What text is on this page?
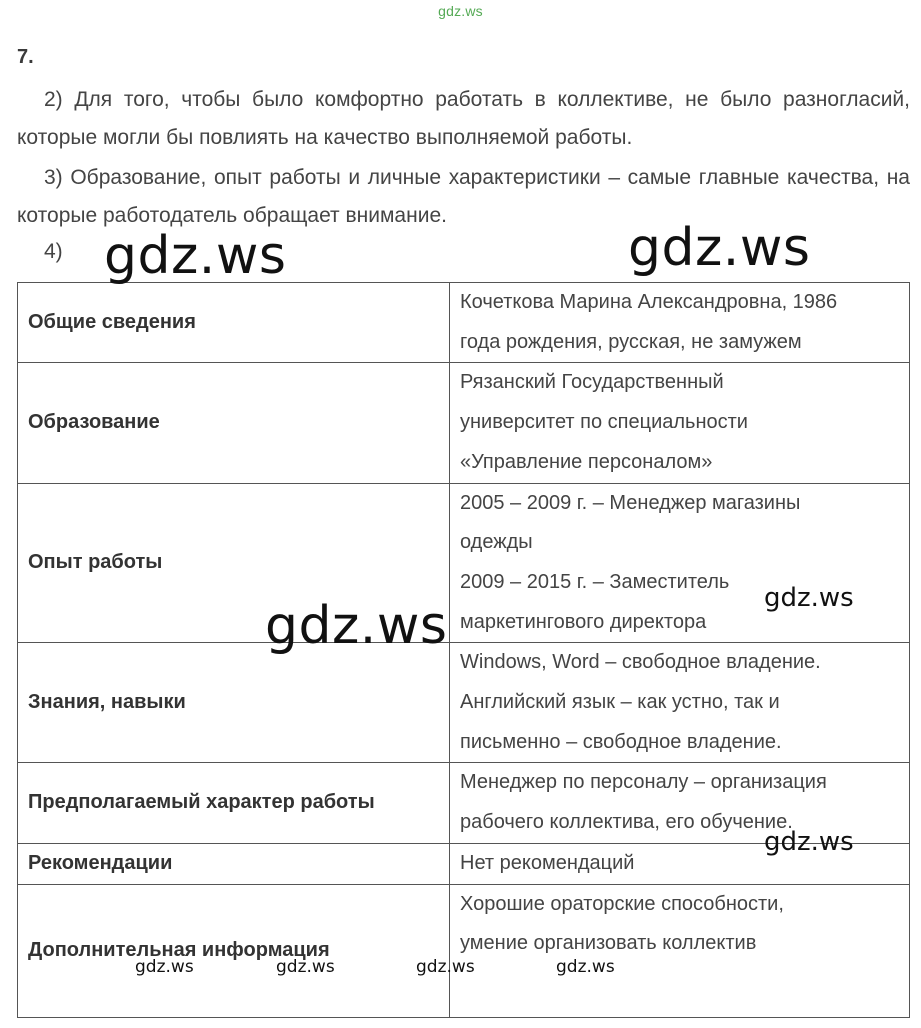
gdz.ws
7.

2) Для того, чтобы было комфортно работать в коллективе, не было разногласий, которые могли бы повлиять на качество выполняемой работы.

3) Образование, опыт работы и личные характеристики – самые главные качества, на которые работодатель обращает внимание.

4)
Общие сведения	Кочеткова Марина Александровна, 1986
года рождения, русская, не замужем

Образование	Рязанский Государственный
университет по специальности
«Управление персоналом»

Опыт работы	2005 – 2009 г. – Менеджер магазины
одежды
2009 – 2015 г. – Заместитель
маркетингового директора

Знания, навыки	Windows, Word – свободное владение.
Английский язык – как устно, так и
письменно – свободное владение.

Предполагаемый характер работы	Менеджер по персоналу – организация
рабочего коллектива, его обучение.

Рекомендации	Нет рекомендаций

Дополнительная информация	Хорошие ораторские способности,
умение организовать коллектив
gdz.ws	gdz.ws
gdz.ws	gdz.ws
gdz.ws
gdz.ws	gdz.ws	gdz.ws	gdz.ws
